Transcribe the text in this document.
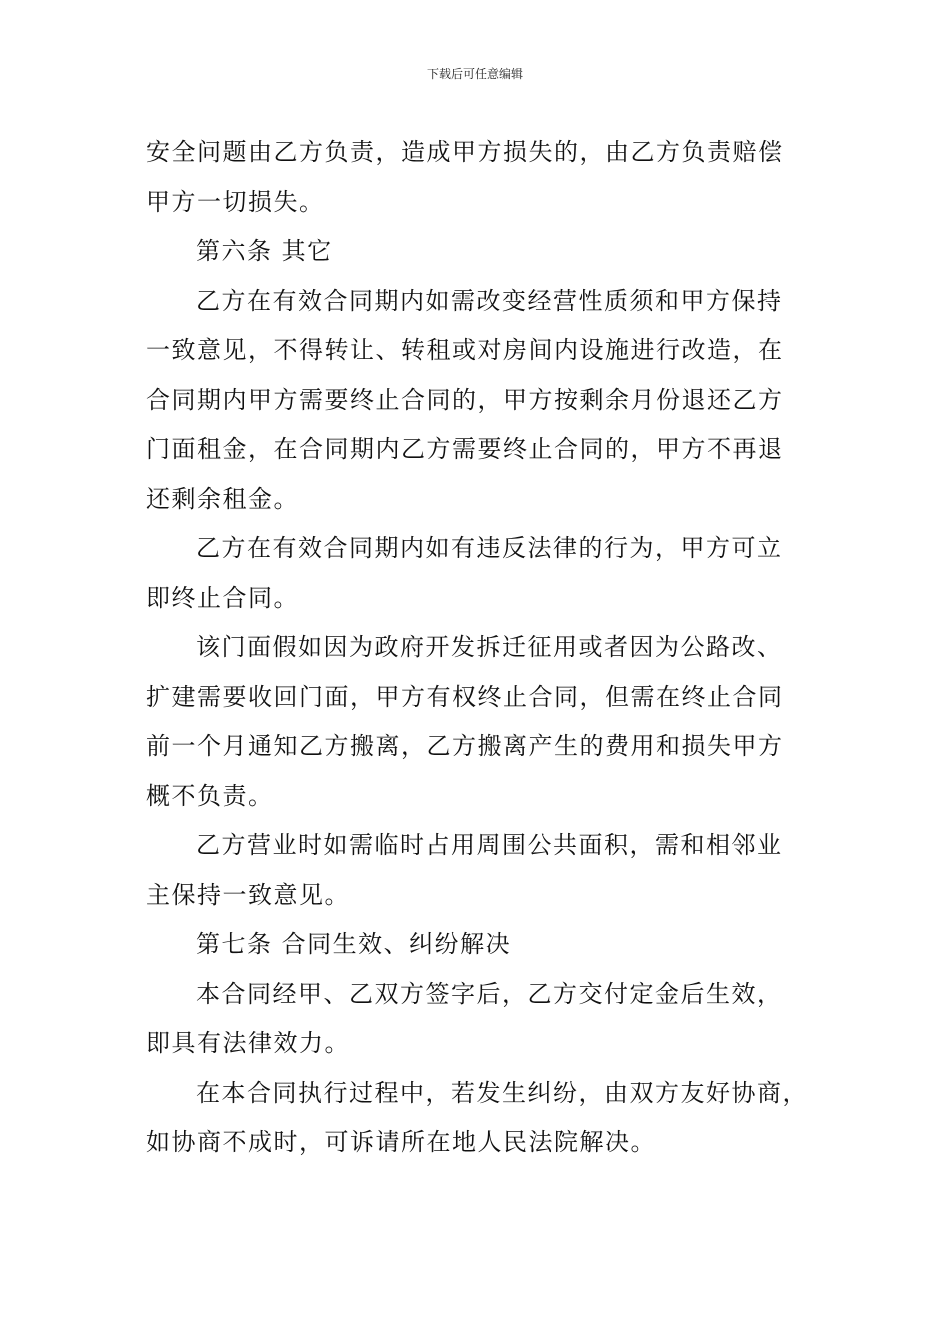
下载后可任意编辑

安全问题由乙方负责，造成甲方损失的，由乙方负责赔偿
甲方一切损失。

第六条 其它

乙方在有效合同期内如需改变经营性质须和甲方保持
一致意见，不得转让、转租或对房间内设施进行改造，在
合同期内甲方需要终止合同的，甲方按剩余月份退还乙方
门面租金，在合同期内乙方需要终止合同的，甲方不再退
还剩余租金。

乙方在有效合同期内如有违反法律的行为，甲方可立
即终止合同。

该门面假如因为政府开发拆迁征用或者因为公路改、
扩建需要收回门面，甲方有权终止合同，但需在终止合同
前一个月通知乙方搬离，乙方搬离产生的费用和损失甲方
概不负责。

乙方营业时如需临时占用周围公共面积，需和相邻业
主保持一致意见。

第七条 合同生效、纠纷解决

本合同经甲、乙双方签字后，乙方交付定金后生效，
即具有法律效力。

在本合同执行过程中，若发生纠纷，由双方友好协商，
如协商不成时，可诉请所在地人民法院解决。
